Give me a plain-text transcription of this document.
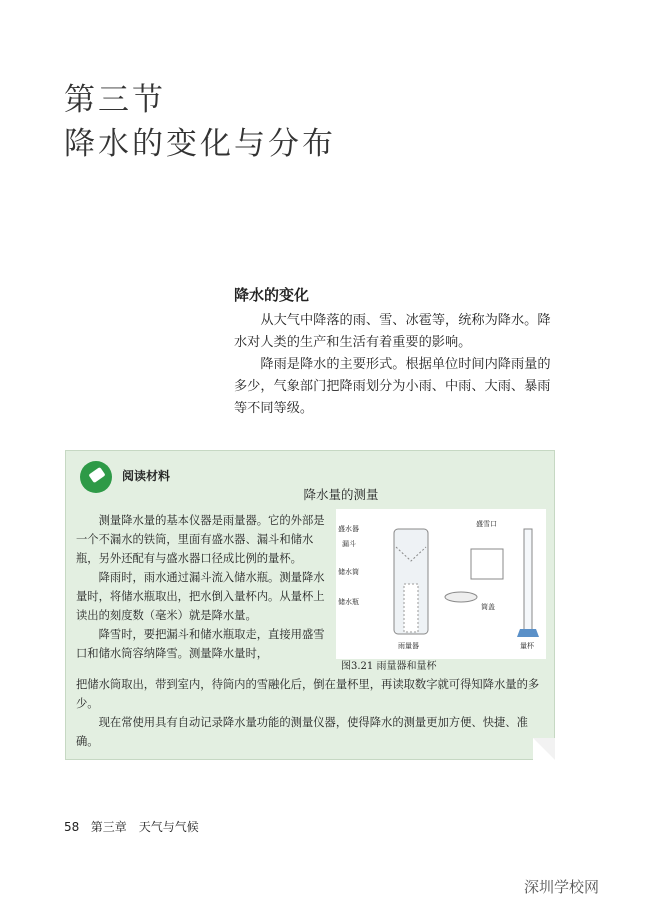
第三节
降水的变化与分布
降水的变化

从大气中降落的雨、雪、冰雹等，统称为降水。降水对人类的生产和生活有着重要的影响。

降雨是降水的主要形式。根据单位时间内降雨量的多少，气象部门把降雨划分为小雨、中雨、大雨、暴雨等不同等级。

阅读材料
降水量的测量

测量降水量的基本仪器是雨量器。它的外部是一个不漏水的铁筒，里面有盛水器、漏斗和储水瓶，另外还配有与盛水器口径成比例的量杯。

降雨时，雨水通过漏斗流入储水瓶。测量降水量时，将储水瓶取出，把水倒入量杯内。从量杯上读出的刻度数（毫米）就是降水量。

降雪时，要把漏斗和储水瓶取走，直接用盛雪口和储水筒容纳降雪。测量降水量时，

盛水器
漏斗
储水筒
储水瓶
盛雪口
筒盖
雨量器	量杯
图3.21 雨量器和量杯

把储水筒取出，带到室内，待筒内的雪融化后，倒在量杯里，再读取数字就可得知降水量的多少。

现在常使用具有自动记录降水量功能的测量仪器，使得降水的测量更加方便、快捷、准确。

58 第三章　天气与气候
深圳学校网
